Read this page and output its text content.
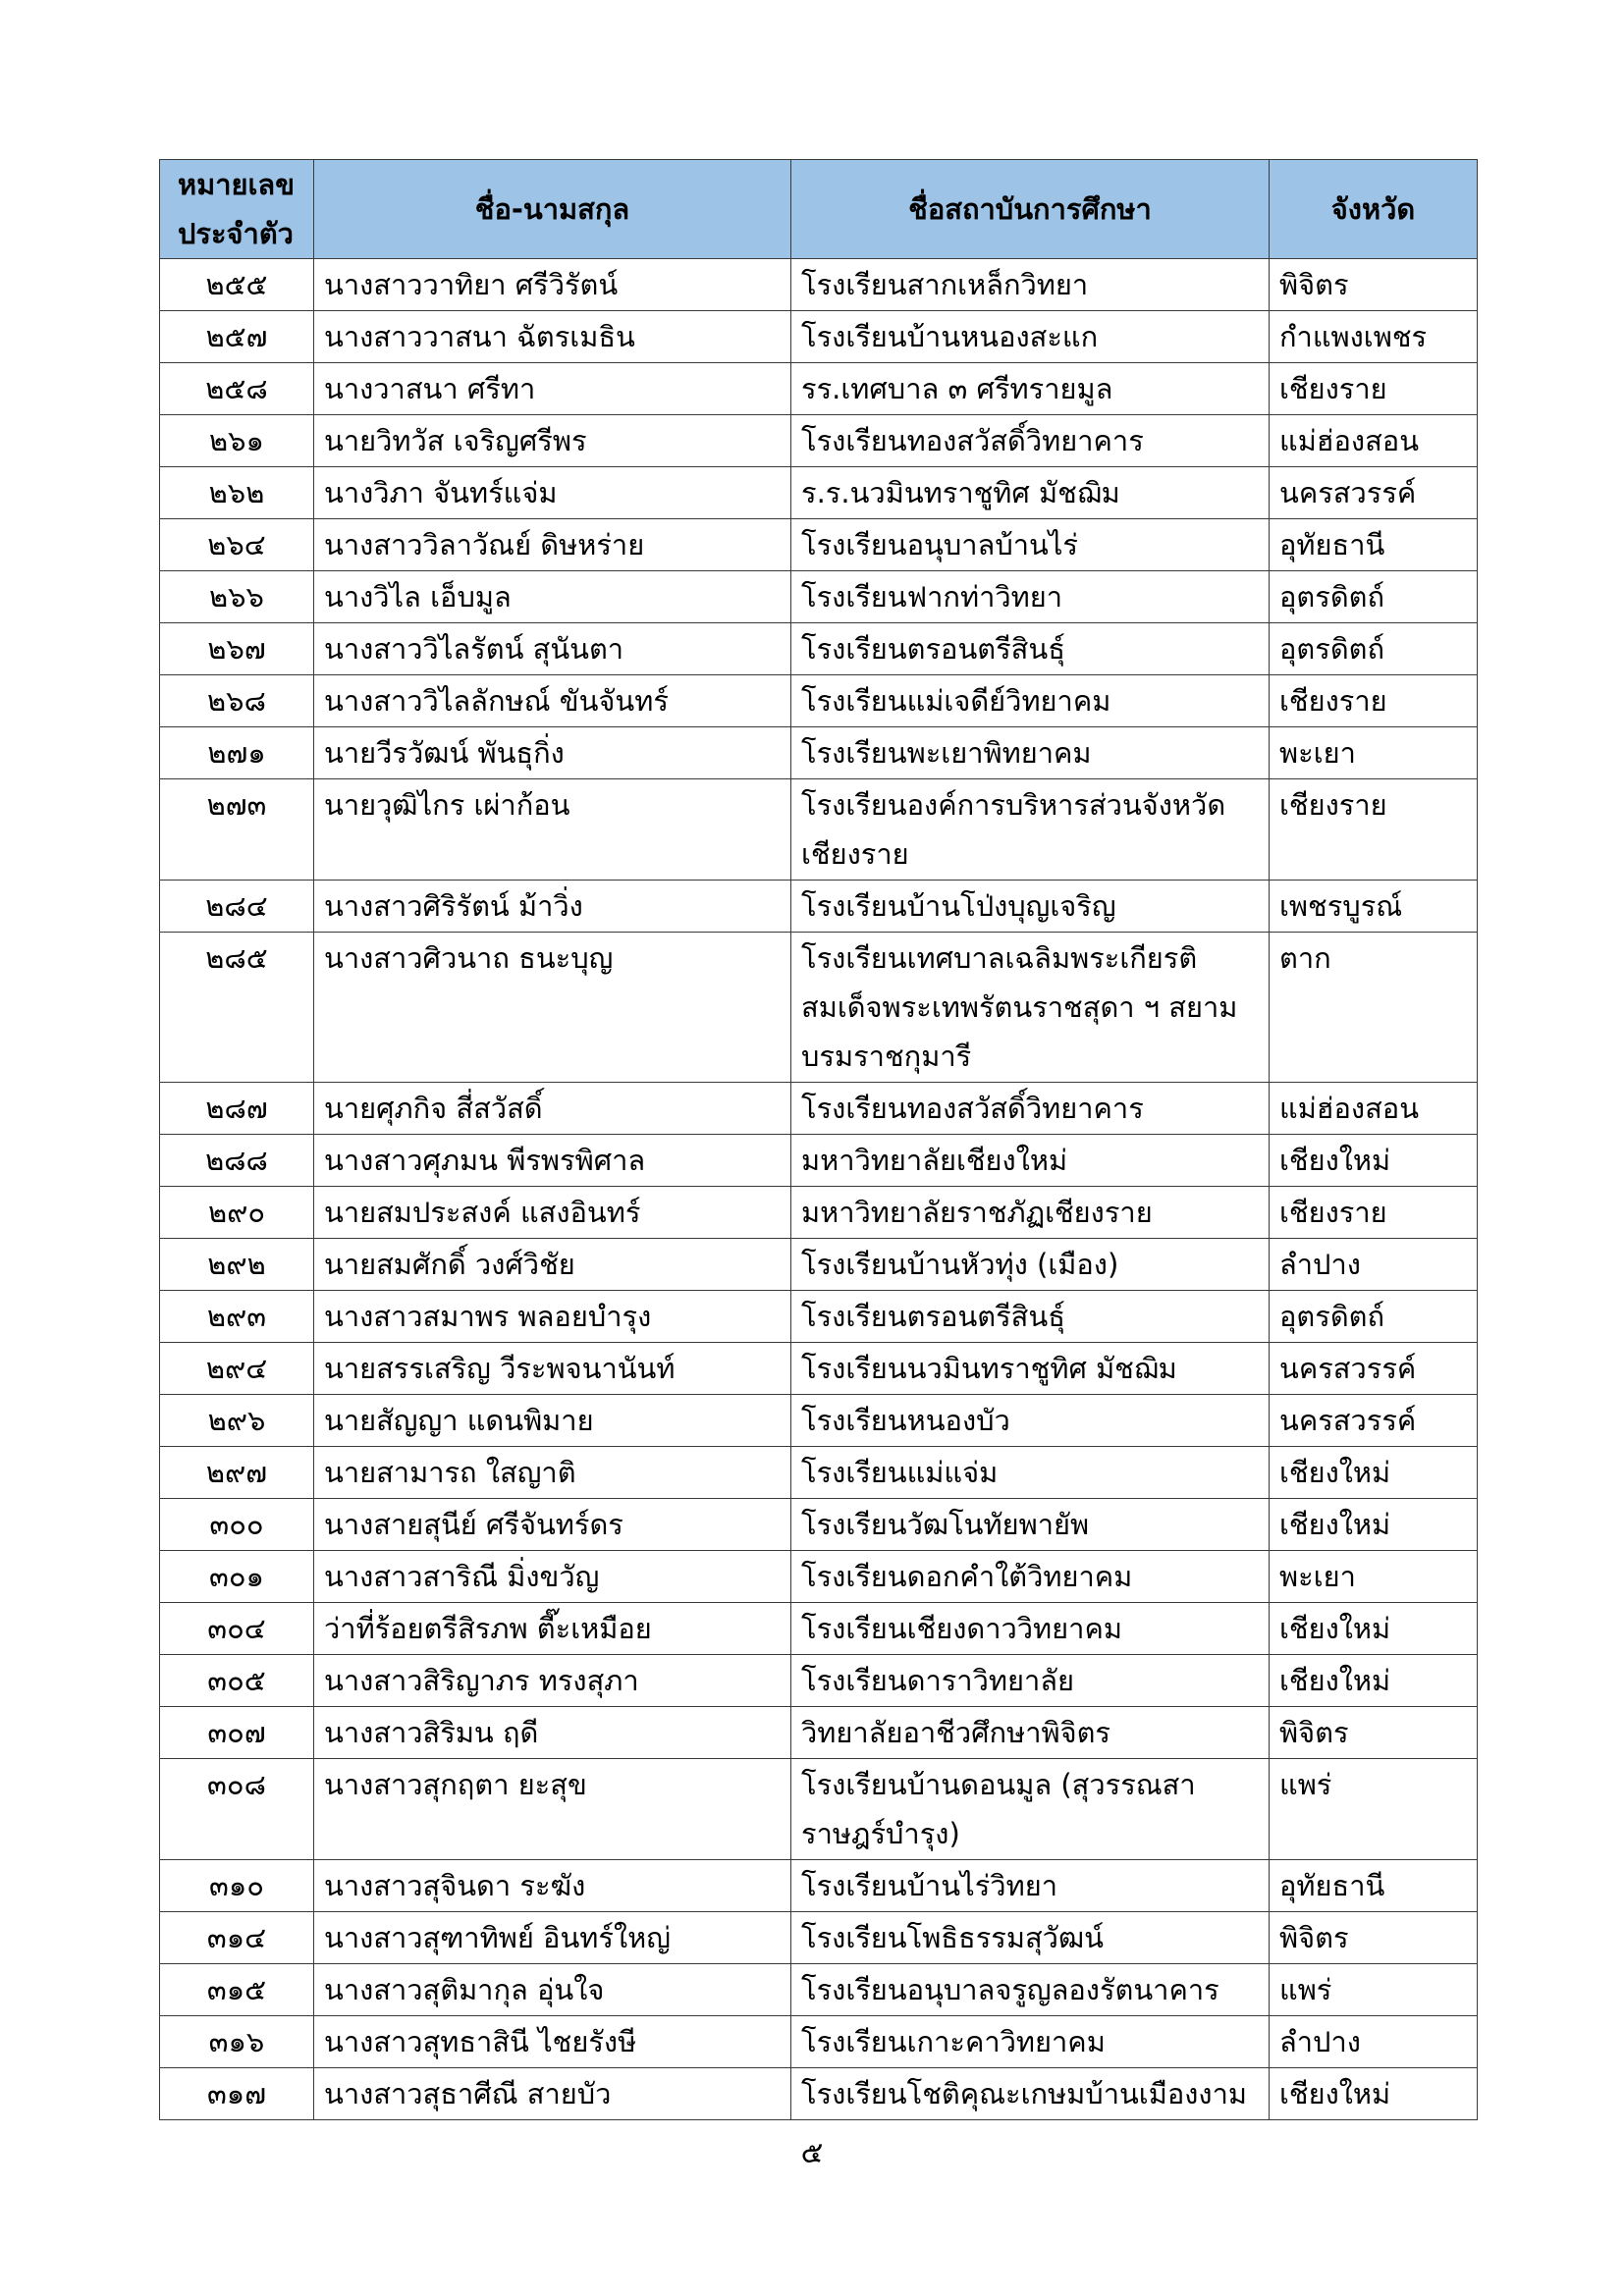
หมายเลข ประจำตัว	ชื่อ-นามสกุล	ชื่อสถาบันการศึกษา	จังหวัด
๒๕๕	นางสาววาทิยา ศรีวิรัตน์	โรงเรียนสากเหล็กวิทยา	พิจิตร
๒๕๗	นางสาววาสนา ฉัตรเมธิน	โรงเรียนบ้านหนองสะแก	กำแพงเพชร
๒๕๘	นางวาสนา ศรีทา	รร.เทศบาล ๓ ศรีทรายมูล	เชียงราย
๒๖๑	นายวิทวัส เจริญศรีพร	โรงเรียนทองสวัสดิ์วิทยาคาร	แม่ฮ่องสอน
๒๖๒	นางวิภา จันทร์แจ่ม	ร.ร.นวมินทราชูทิศ มัชฌิม	นครสวรรค์
๒๖๔	นางสาววิลาวัณย์ ดิษหร่าย	โรงเรียนอนุบาลบ้านไร่	อุทัยธานี
๒๖๖	นางวิไล เอ็บมูล	โรงเรียนฟากท่าวิทยา	อุตรดิตถ์
๒๖๗	นางสาววิไลรัตน์ สุนันตา	โรงเรียนตรอนตรีสินธุ์	อุตรดิตถ์
๒๖๘	นางสาววิไลลักษณ์ ขันจันทร์	โรงเรียนแม่เจดีย์วิทยาคม	เชียงราย
๒๗๑	นายวีรวัฒน์ พันธุกิ่ง	โรงเรียนพะเยาพิทยาคม	พะเยา
๒๗๓	นายวุฒิไกร เผ่าก้อน	โรงเรียนองค์การบริหารส่วนจังหวัดเชียงราย	เชียงราย
๒๘๔	นางสาวศิริรัตน์ ม้าวิ่ง	โรงเรียนบ้านโป่งบุญเจริญ	เพชรบูรณ์
๒๘๕	นางสาวศิวนาถ ธนะบุญ	โรงเรียนเทศบาลเฉลิมพระเกียรติสมเด็จพระเทพรัตนราชสุดา ฯ สยามบรมราชกุมารี	ตาก
๒๘๗	นายศุภกิจ สี่สวัสดิ์	โรงเรียนทองสวัสดิ์วิทยาคาร	แม่ฮ่องสอน
๒๘๘	นางสาวศุภมน พีรพรพิศาล	มหาวิทยาลัยเชียงใหม่	เชียงใหม่
๒๙๐	นายสมประสงค์ แสงอินทร์	มหาวิทยาลัยราชภัฏเชียงราย	เชียงราย
๒๙๒	นายสมศักดิ์ วงศ์วิชัย	โรงเรียนบ้านหัวทุ่ง (เมือง)	ลำปาง
๒๙๓	นางสาวสมาพร พลอยบำรุง	โรงเรียนตรอนตรีสินธุ์	อุตรดิตถ์
๒๙๔	นายสรรเสริญ วีระพจนานันท์	โรงเรียนนวมินทราชูทิศ มัชฌิม	นครสวรรค์
๒๙๖	นายสัญญา แดนพิมาย	โรงเรียนหนองบัว	นครสวรรค์
๒๙๗	นายสามารถ ใสญาติ	โรงเรียนแม่แจ่ม	เชียงใหม่
๓๐๐	นางสายสุนีย์ ศรีจันทร์ดร	โรงเรียนวัฒโนทัยพายัพ	เชียงใหม่
๓๐๑	นางสาวสาริณี มิ่งขวัญ	โรงเรียนดอกคำใต้วิทยาคม	พะเยา
๓๐๔	ว่าที่ร้อยตรีสิรภพ ตี๊ะเหมือย	โรงเรียนเชียงดาววิทยาคม	เชียงใหม่
๓๐๕	นางสาวสิริญาภร ทรงสุภา	โรงเรียนดาราวิทยาลัย	เชียงใหม่
๓๐๗	นางสาวสิริมน ฤดี	วิทยาลัยอาชีวศึกษาพิจิตร	พิจิตร
๓๐๘	นางสาวสุกฤตา ยะสุข	โรงเรียนบ้านดอนมูล (สุวรรณสาราษฎร์บำรุง)	แพร่
๓๑๐	นางสาวสุจินดา ระฆัง	โรงเรียนบ้านไร่วิทยา	อุทัยธานี
๓๑๔	นางสาวสุฑาทิพย์ อินทร์ใหญ่	โรงเรียนโพธิธรรมสุวัฒน์	พิจิตร
๓๑๕	นางสาวสุติมากุล อุ่นใจ	โรงเรียนอนุบาลจรูญลองรัตนาคาร	แพร่
๓๑๖	นางสาวสุทธาสินี ไชยรังษี	โรงเรียนเกาะคาวิทยาคม	ลำปาง
๓๑๗	นางสาวสุธาศีณี สายบัว	โรงเรียนโชติคุณะเกษมบ้านเมืองงาม	เชียงใหม่
๕
